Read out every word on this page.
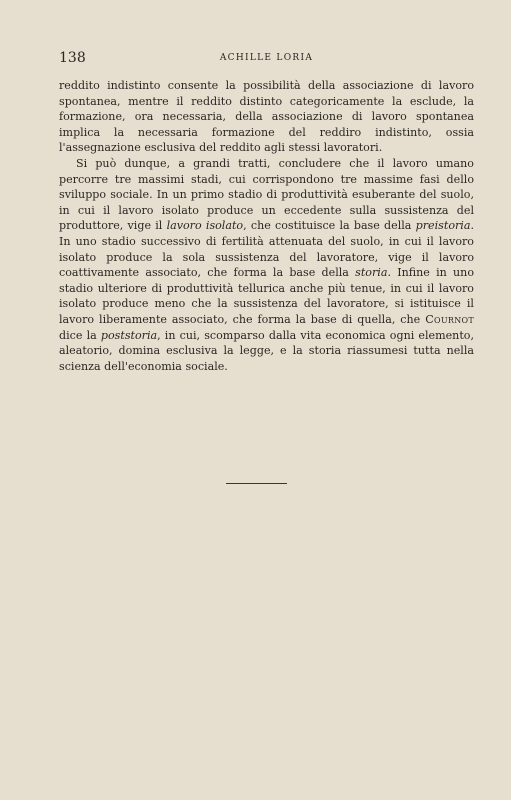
138	ACHILLE LORIA

reddito indistinto consente la possibilità della associazione di lavoro spontanea, mentre il reddito distinto categoricamente la esclude, la formazione, ora necessaria, della associazione di lavoro spontanea implica la necessaria formazione del reddiro indistinto, ossia l'assegnazione esclusiva del reddito agli stessi lavoratori.

Si può dunque, a grandi tratti, concludere che il lavoro umano percorre tre massimi stadi, cui corrispondono tre massime fasi dello sviluppo sociale. In un primo stadio di produttività esuberante del suolo, in cui il lavoro isolato produce un eccedente sulla sussistenza del produttore, vige il lavoro isolato, che costituisce la base della preistoria. In uno stadio successivo di fertilità attenuata del suolo, in cui il lavoro isolato produce la sola sussistenza del lavoratore, vige il lavoro coattivamente associato, che forma la base della storia. Infine in uno stadio ulteriore di produttività tellurica anche più tenue, in cui il lavoro isolato produce meno che la sussistenza del lavoratore, si istituisce il lavoro liberamente associato, che forma la base di quella, che Cournot dice la poststoria, in cui, scomparso dalla vita economica ogni elemento, aleatorio, domina esclusiva la legge, e la storia riassumesi tutta nella scienza dell'economia sociale.
